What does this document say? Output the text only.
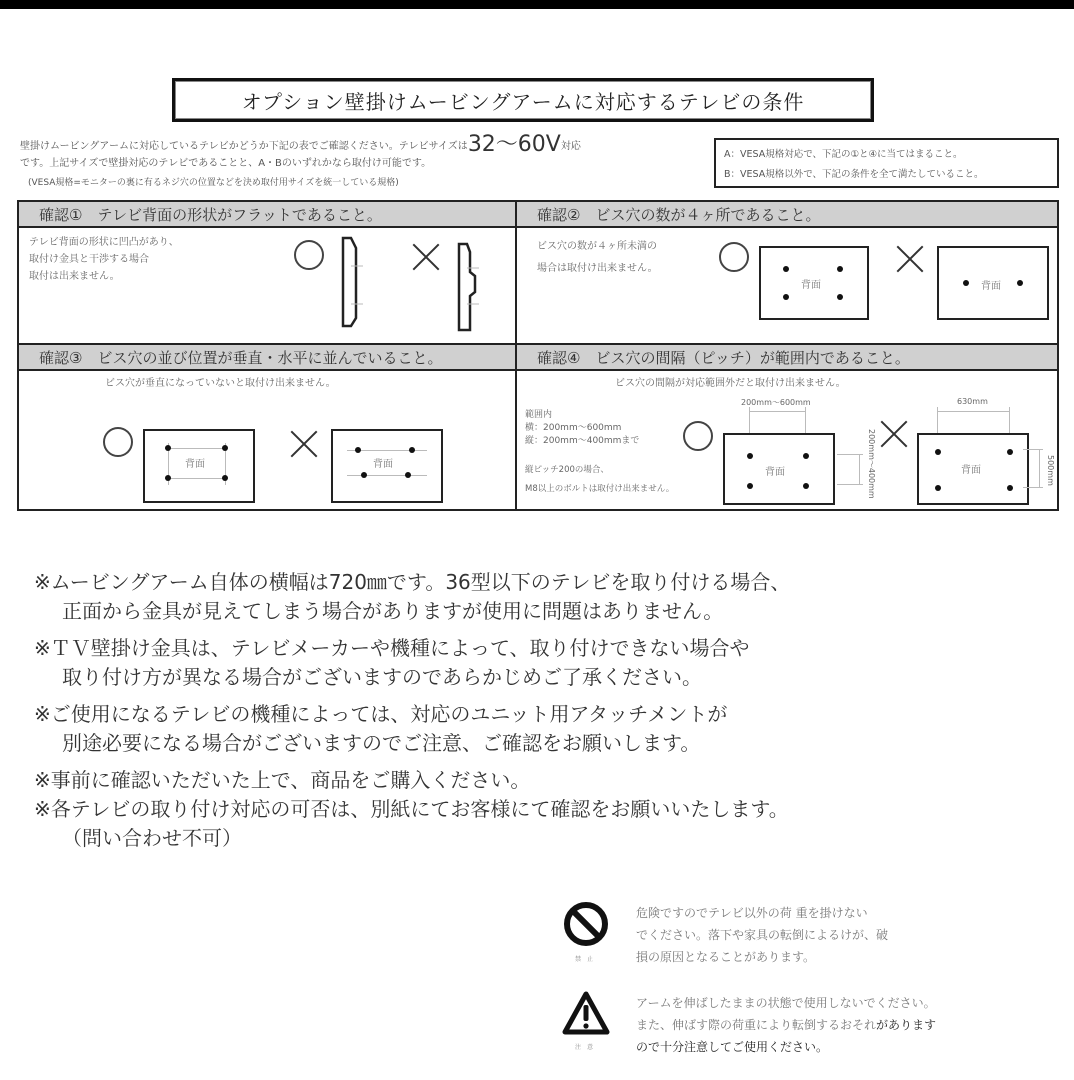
オプション壁掛けムービングアームに対応するテレビの条件
壁掛けムービングアームに対応しているテレビかどうか下記の表でご確認ください。テレビサイズは32〜60V対応
です。上記サイズで壁掛対応のテレビであることと、A・Bのいずれかなら取付け可能です。
(VESA規格=モニターの裏に有るネジ穴の位置などを決め取付用サイズを統一している規格)
A：VESA規格対応で、下記の①と④に当てはまること。
B：VESA規格以外で、下記の条件を全て満たしていること。
確認①　テレビ背面の形状がフラットであること。
テレビ背面の形状に凹凸があり、
取付け金具と干渉する場合
取付は出来ません。
確認②　ビス穴の数が４ヶ所であること。
ビス穴の数が４ヶ所未満の
場合は取付け出来ません。
背面	背面
確認③　ビス穴の並び位置が垂直・水平に並んでいること。
ビス穴が垂直になっていないと取付け出来ません。
背面	背面
確認④　ビス穴の間隔（ピッチ）が範囲内であること。
ビス穴の間隔が対応範囲外だと取付け出来ません。
範囲内
横：200mm〜600mm
縦：200mm〜400mmまで
縦ピッチ200の場合、
M8以上のボルトは取付け出来ません。
200mm〜600mm
背面	200mm〜400mm
630mm
背面	500mm

※ムービングアーム自体の横幅は720㎜です。36型以下のテレビを取り付ける場合、

正面から金具が見えてしまう場合がありますが使用に問題はありません。

※ＴＶ壁掛け金具は、テレビメーカーや機種によって、取り付けできない場合や

取り付け方が異なる場合がございますのであらかじめご了承ください。

※ご使用になるテレビの機種によっては、対応のユニット用アタッチメントが

別途必要になる場合がございますのでご注意、ご確認をお願いします。

※事前に確認いただいた上で、商品をご購入ください。

※各テレビの取り付け対応の可否は、別紙にてお客様にて確認をお願いいたします。

（問い合わせ不可）

禁止
危険ですのでテレビ以外の荷 重を掛けない
でください。落下や家具の転倒によるけが、破
損の原因となることがあります。
注意
アームを伸ばしたままの状態で使用しないでください。
また、伸ばす際の荷重により転倒するおそれがあります
ので十分注意してご使用ください。
